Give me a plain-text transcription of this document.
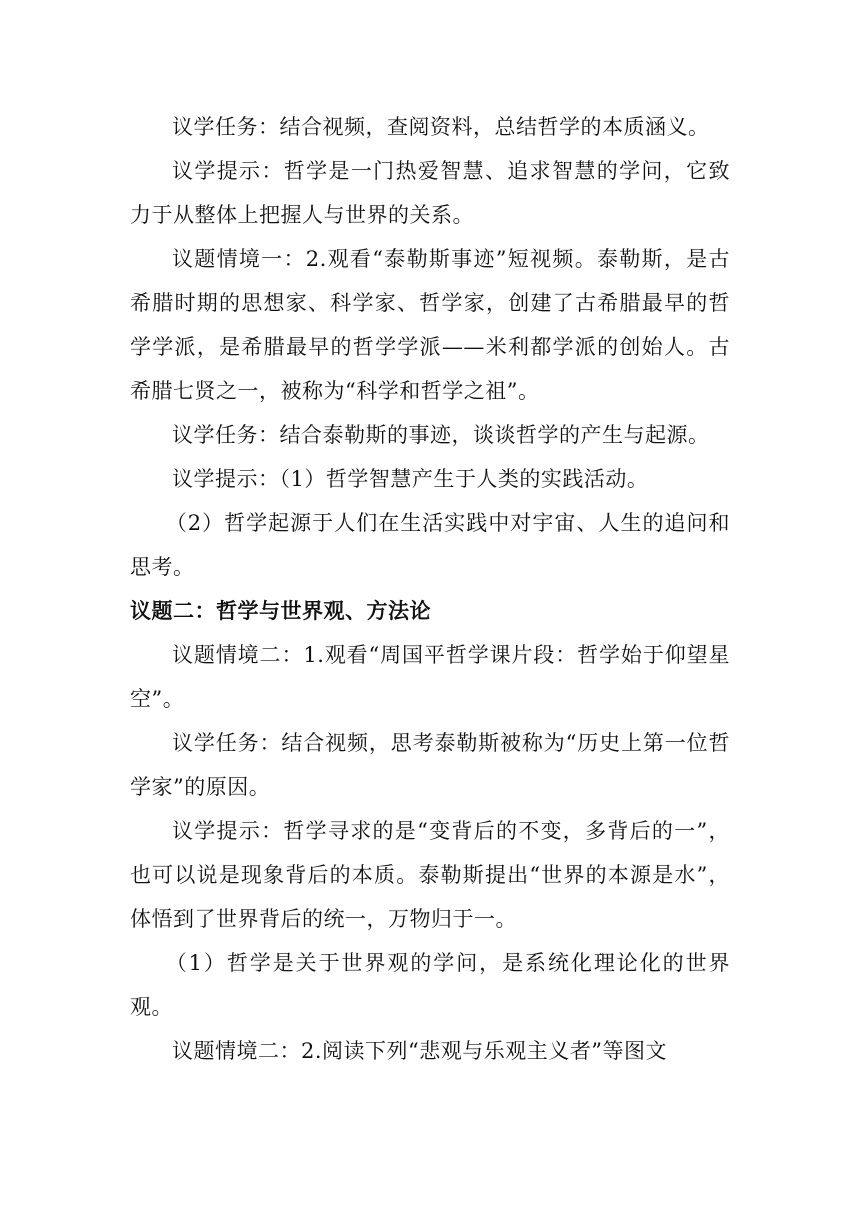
议学任务：结合视频，查阅资料，总结哲学的本质涵义。

议学提示：哲学是一门热爱智慧、追求智慧的学问，它致力于从整体上把握人与世界的关系。

议题情境一：2.观看“泰勒斯事迹”短视频。泰勒斯，是古希腊时期的思想家、科学家、哲学家，创建了古希腊最早的哲学学派，是希腊最早的哲学学派——米利都学派的创始人。古希腊七贤之一，被称为“科学和哲学之祖”。

议学任务：结合泰勒斯的事迹，谈谈哲学的产生与起源。

议学提示：（1）哲学智慧产生于人类的实践活动。

（2）哲学起源于人们在生活实践中对宇宙、人生的追问和思考。

议题二：哲学与世界观、方法论

议题情境二：1.观看“周国平哲学课片段：哲学始于仰望星空”。

议学任务：结合视频，思考泰勒斯被称为“历史上第一位哲学家”的原因。

议学提示：哲学寻求的是“变背后的不变，多背后的一”，也可以说是现象背后的本质。泰勒斯提出“世界的本源是水”，体悟到了世界背后的统一，万物归于一。

（1）哲学是关于世界观的学问，是系统化理论化的世界观。

议题情境二：2.阅读下列“悲观与乐观主义者”等图文
